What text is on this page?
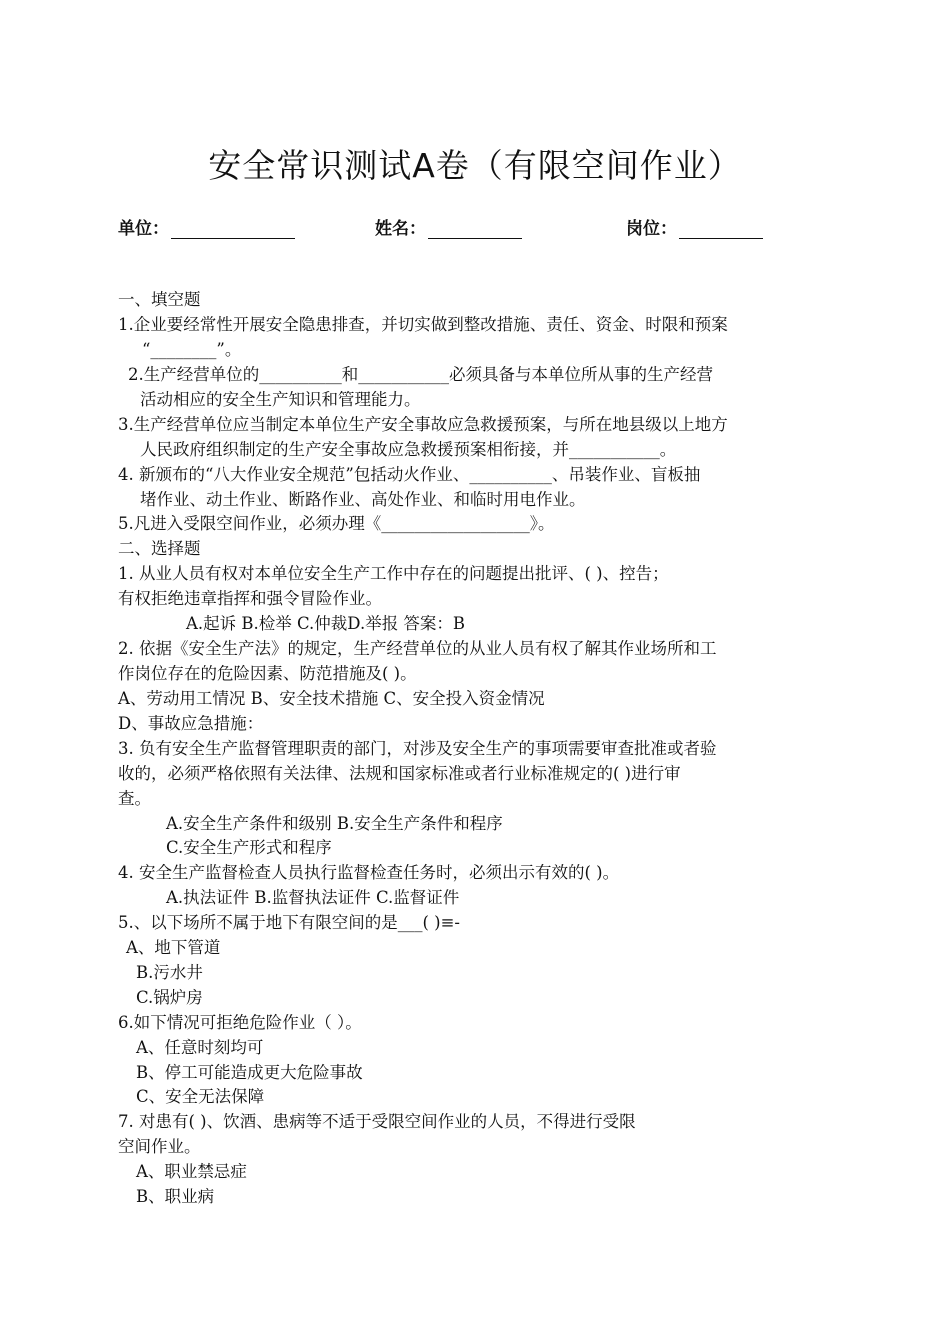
安全常识测试A卷（有限空间作业）
单位：	姓名：	岗位：
一、填空题
1.企业要经常性开展安全隐患排查，并切实做到整改措施、责任、资金、时限和预案
“________”。
2.生产经营单位的__________和___________必须具备与本单位所从事的生产经营
活动相应的安全生产知识和管理能力。
3.生产经营单位应当制定本单位生产安全事故应急救援预案，与所在地县级以上地方
人民政府组织制定的生产安全事故应急救援预案相衔接，并___________。
4. 新颁布的“八大作业安全规范”包括动火作业、__________、吊装作业、盲板抽
堵作业、动土作业、断路作业、高处作业、和临时用电作业。
5.凡进入受限空间作业，必须办理《__________________》。
二、选择题
1. 从业人员有权对本单位安全生产工作中存在的问题提出批评、( )、控告；
有权拒绝违章指挥和强令冒险作业。
A.起诉 B.检举 C.仲裁D.举报 答案：B
2. 依据《安全生产法》的规定，生产经营单位的从业人员有权了解其作业场所和工
作岗位存在的危险因素、防范措施及( )。
A、劳动用工情况 B、安全技术措施 C、安全投入资金情况
D、事故应急措施：
3. 负有安全生产监督管理职责的部门，对涉及安全生产的事项需要审查批准或者验
收的，必须严格依照有关法律、法规和国家标准或者行业标准规定的( )进行审
查。
A.安全生产条件和级别 B.安全生产条件和程序
C.安全生产形式和程序
4. 安全生产监督检查人员执行监督检查任务时，必须出示有效的( )。
A.执法证件 B.监督执法证件 C.监督证件
5.、以下场所不属于地下有限空间的是___( )≡-
A、地下管道
B.污水井
C.锅炉房
6.如下情况可拒绝危险作业（ ）。
A、任意时刻均可
B、停工可能造成更大危险事故
C、安全无法保障
7. 对患有( )、饮酒、患病等不适于受限空间作业的人员，不得进行受限
空间作业。
A、职业禁忌症
B、职业病
